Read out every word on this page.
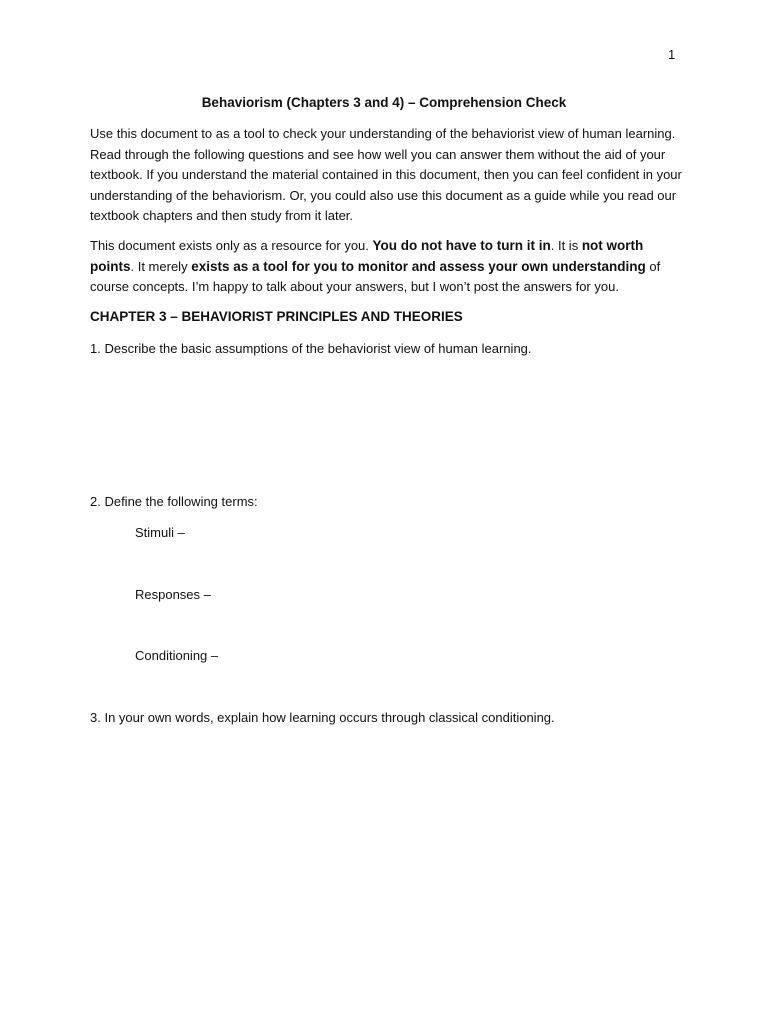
1
Behaviorism (Chapters 3 and 4) – Comprehension Check
Use this document to as a tool to check your understanding of the behaviorist view of human learning. Read through the following questions and see how well you can answer them without the aid of your textbook. If you understand the material contained in this document, then you can feel confident in your understanding of the behaviorism. Or, you could also use this document as a guide while you read our textbook chapters and then study from it later.
This document exists only as a resource for you. You do not have to turn it in. It is not worth points. It merely exists as a tool for you to monitor and assess your own understanding of course concepts. I’m happy to talk about your answers, but I won’t post the answers for you.
CHAPTER 3 – BEHAVIORIST PRINCIPLES AND THEORIES
1. Describe the basic assumptions of the behaviorist view of human learning.
2. Define the following terms:
Stimuli –
Responses –
Conditioning –
3. In your own words, explain how learning occurs through classical conditioning.
